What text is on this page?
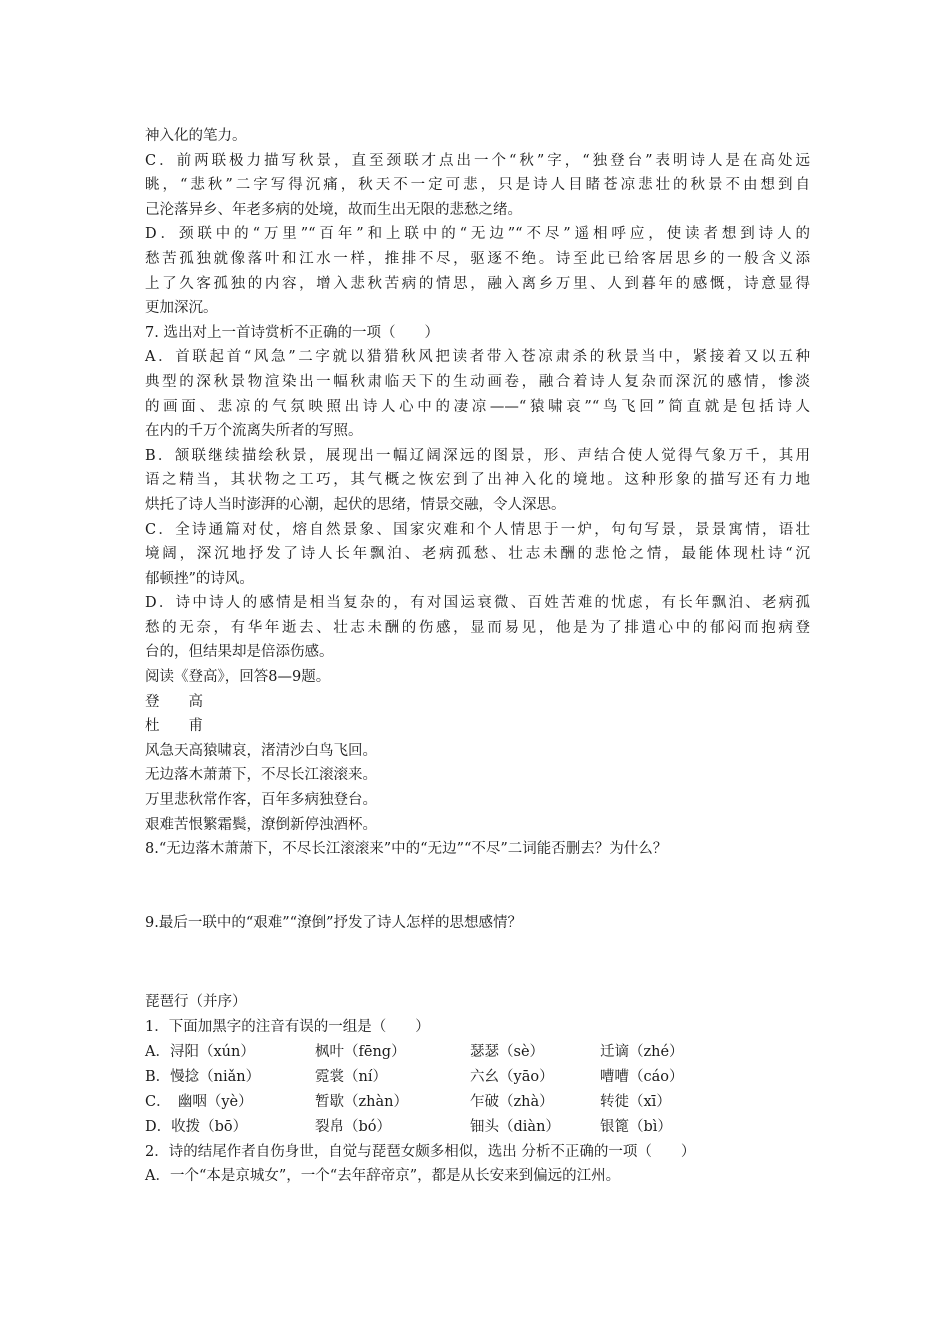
神入化的笔力。
C．前两联极力描写秋景，直至颈联才点出一个“秋”字，“独登台”表明诗人是在高处远
眺，“悲秋”二字写得沉痛，秋天不一定可悲，只是诗人目睹苍凉悲壮的秋景不由想到自
己沦落异乡、年老多病的处境，故而生出无限的悲愁之绪。
D．颈联中的“万里”“百年”和上联中的“无边”“不尽”遥相呼应，使读者想到诗人的
愁苦孤独就像落叶和江水一样，推排不尽，驱逐不绝。诗至此已给客居思乡的一般含义添
上了久客孤独的内容，增入悲秋苦病的情思，融入离乡万里、人到暮年的感慨，诗意显得
更加深沉。
7. 选出对上一首诗赏析不正确的一项（　　）
A．首联起首“风急”二字就以猎猎秋风把读者带入苍凉肃杀的秋景当中，紧接着又以五种
典型的深秋景物渲染出一幅秋肃临天下的生动画卷，融合着诗人复杂而深沉的感情，惨淡
的画面、悲凉的气氛映照出诗人心中的凄凉——“猿啸哀”“鸟飞回”简直就是包括诗人
在内的千万个流离失所者的写照。
B．颔联继续描绘秋景，展现出一幅辽阔深远的图景，形、声结合使人觉得气象万千，其用
语之精当，其状物之工巧，其气概之恢宏到了出神入化的境地。这种形象的描写还有力地
烘托了诗人当时澎湃的心潮，起伏的思绪，情景交融，令人深思。
C．全诗通篇对仗，熔自然景象、国家灾难和个人情思于一炉，句句写景，景景寓情，语壮
境阔，深沉地抒发了诗人长年飘泊、老病孤愁、壮志未酬的悲怆之情，最能体现杜诗“沉
郁顿挫”的诗风。
D．诗中诗人的感情是相当复杂的，有对国运衰微、百姓苦难的忧虑，有长年飘泊、老病孤
愁的无奈，有华年逝去、壮志未酬的伤感，显而易见，他是为了排遣心中的郁闷而抱病登
台的，但结果却是倍添伤感。
阅读《登高》，回答8—9题。
登　　高
杜　　甫
风急天高猿啸哀，渚清沙白鸟飞回。
无边落木萧萧下，不尽长江滚滚来。
万里悲秋常作客，百年多病独登台。
艰难苦恨繁霜鬓，潦倒新停浊酒杯。
8.“无边落木萧萧下，不尽长江滚滚来”中的“无边”“不尽”二词能否删去？为什么？
9.最后一联中的“艰难”“潦倒”抒发了诗人怎样的思想感情？
琵琶行（并序）
1．下面加黑字的注音有误的一组是（　　）
A．浔阳（xún）	枫叶（fēng）	瑟瑟（sè）	迁谪（zhé）
B．慢捻（niǎn）	霓裳（ní）	六幺（yāo）	嘈嘈（cáo）
C．　幽咽（yè）	暂歇（zhàn）	乍破（zhà）	转徙（xī）
D．收拨（bō）	裂帛（bó）	钿头（diàn）	银篦（bì）
2．诗的结尾作者自伤身世，自觉与琵琶女颇多相似，选出 分析不正确的一项（　　）
A．一个“本是京城女”，一个“去年辞帝京”，都是从长安来到偏远的江州。
